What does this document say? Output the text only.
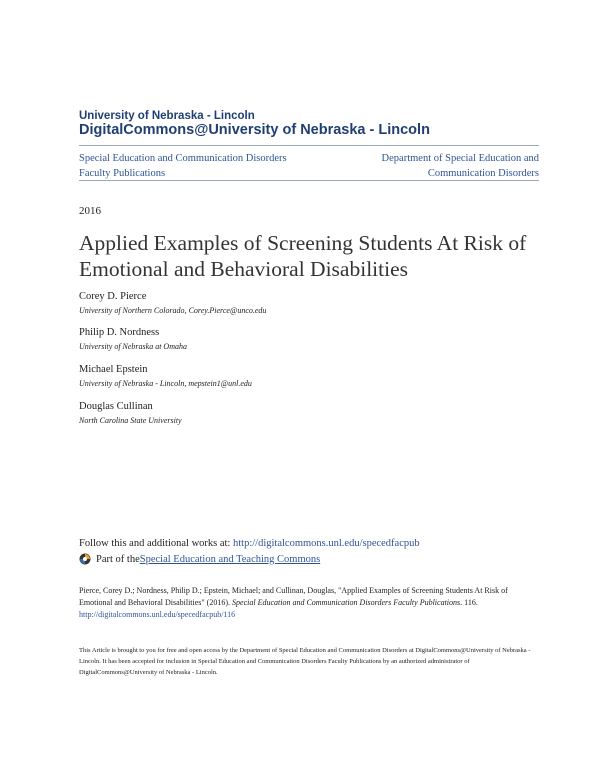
University of Nebraska - Lincoln
DigitalCommons@University of Nebraska - Lincoln
Special Education and Communication Disorders
Faculty Publications
Department of Special Education and
Communication Disorders
2016
Applied Examples of Screening Students At Risk of
Emotional and Behavioral Disabilities
Corey D. Pierce
University of Northern Colorado, Corey.Pierce@unco.edu
Philip D. Nordness
University of Nebraska at Omaha
Michael Epstein
University of Nebraska - Lincoln, mepstein1@unl.edu
Douglas Cullinan
North Carolina State University
Follow this and additional works at: http://digitalcommons.unl.edu/specedfacpub
Part of the Special Education and Teaching Commons
Pierce, Corey D.; Nordness, Philip D.; Epstein, Michael; and Cullinan, Douglas, "Applied Examples of Screening Students At Risk of Emotional and Behavioral Disabilities" (2016). Special Education and Communication Disorders Faculty Publications. 116.
http://digitalcommons.unl.edu/specedfacpub/116
This Article is brought to you for free and open access by the Department of Special Education and Communication Disorders at DigitalCommons@University of Nebraska - Lincoln. It has been accepted for inclusion in Special Education and Communication Disorders Faculty Publications by an authorized administrator of DigitalCommons@University of Nebraska - Lincoln.
